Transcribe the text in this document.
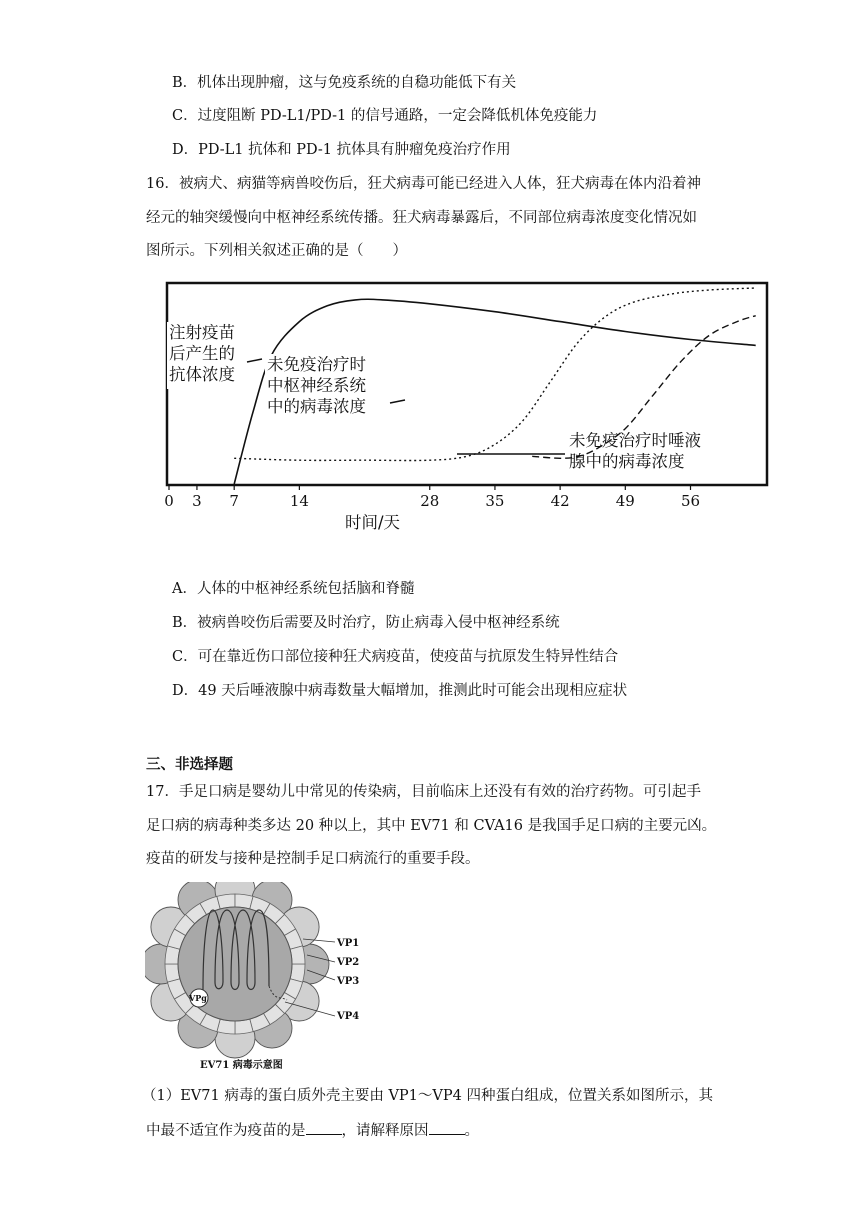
B．机体出现肿瘤，这与免疫系统的自稳功能低下有关
C．过度阻断 PD-L1/PD-1 的信号通路，一定会降低机体免疫能力
D．PD-L1 抗体和 PD-1 抗体具有肿瘤免疫治疗作用
16．被病犬、病猫等病兽咬伤后，狂犬病毒可能已经进入人体，狂犬病毒在体内沿着神
经元的轴突缓慢向中枢神经系统传播。狂犬病毒暴露后，不同部位病毒浓度变化情况如
图所示。下列相关叙述正确的是（　　）
注射疫苗
后产生的
抗体浓度
未免疫治疗时
中枢神经系统
中的病毒浓度
未免疫治疗时唾液
腺中的病毒浓度
0 3 7	14	28	35	42	49	56
时间/天
A．人体的中枢神经系统包括脑和脊髓
B．被病兽咬伤后需要及时治疗，防止病毒入侵中枢神经系统
C．可在靠近伤口部位接种狂犬病疫苗，使疫苗与抗原发生特异性结合
D．49 天后唾液腺中病毒数量大幅增加，推测此时可能会出现相应症状
三、非选择题
17．手足口病是婴幼儿中常见的传染病，目前临床上还没有有效的治疗药物。可引起手
足口病的病毒种类多达 20 种以上，其中 EV71 和 CVA16 是我国手足口病的主要元凶。
疫苗的研发与接种是控制手足口病流行的重要手段。
VPg
VP1
VP2
VP3
VP4
EV71 病毒示意图
（1）EV71 病毒的蛋白质外壳主要由 VP1～VP4 四种蛋白组成，位置关系如图所示，其
中最不适宜作为疫苗的是 ，请解释原因 。
